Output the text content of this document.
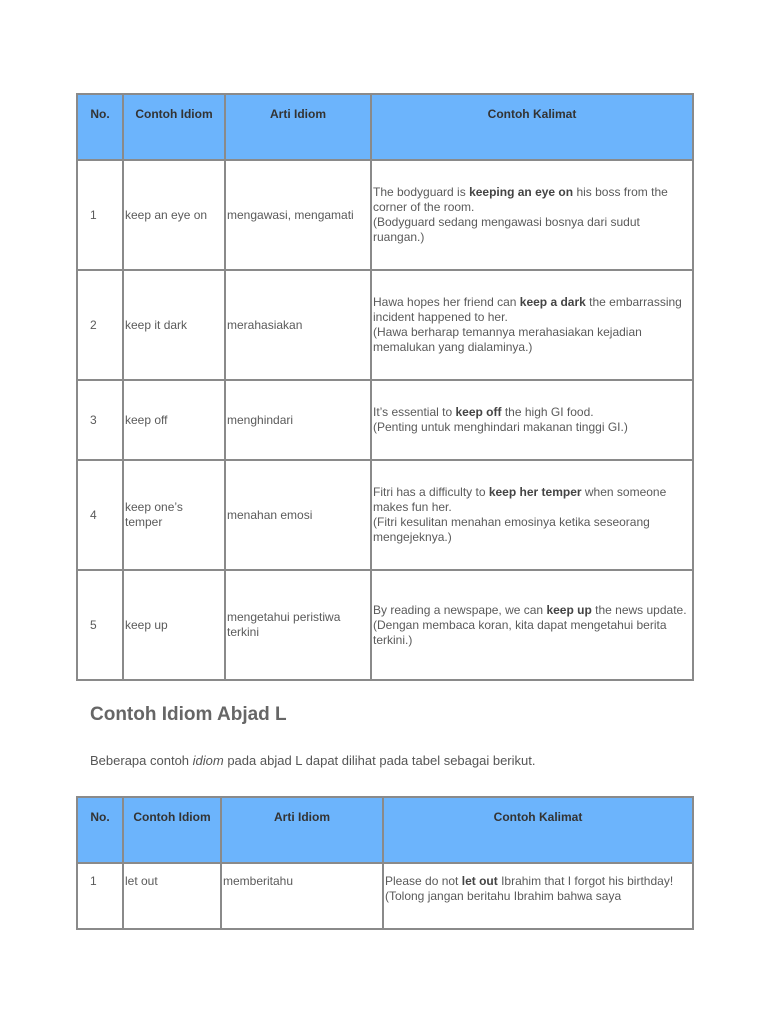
No.	Contoh Idiom	Arti Idiom	Contoh Kalimat
1	keep an eye on	mengawasi, mengamati	The bodyguard is keeping an eye on his boss from the corner of the room.
(Bodyguard sedang mengawasi bosnya dari sudut ruangan.)

2	keep it dark	merahasiakan	Hawa hopes her friend can keep a dark the embarrassing incident happened to her.
(Hawa berharap temannya merahasiakan kejadian memalukan yang dialaminya.)

3	keep off	menghindari	It’s essential to keep off the high GI food.
(Penting untuk menghindari makanan tinggi GI.)

4	keep one’s temper	menahan emosi	Fitri has a difficulty to keep her temper when someone makes fun her.
(Fitri kesulitan menahan emosinya ketika seseorang mengejeknya.)

5	keep up	mengetahui peristiwa terkini	By reading a newspape, we can keep up the news update.
(Dengan membaca koran, kita dapat mengetahui berita terkini.)
Contoh Idiom Abjad L

Beberapa contoh idiom pada abjad L dapat dilihat pada tabel sebagai berikut.

No.	Contoh Idiom	Arti Idiom	Contoh Kalimat
1	let out	memberitahu	Please do not let out Ibrahim that I forgot his birthday!
(Tolong jangan beritahu Ibrahim bahwa saya
